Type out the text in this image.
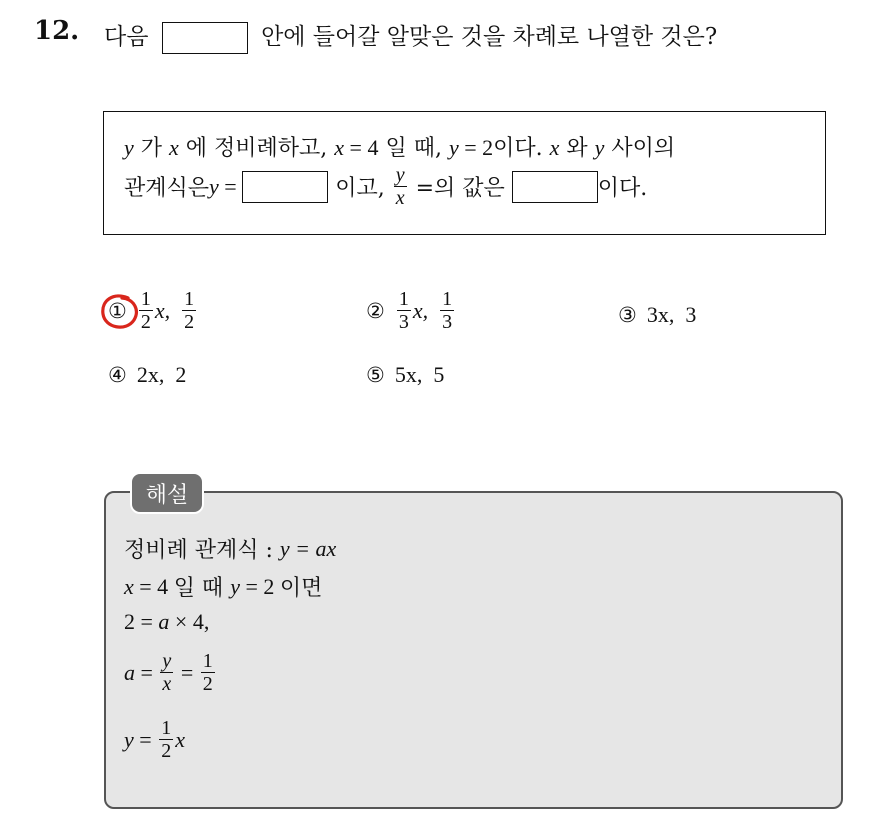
12. 다음	안에 들어갈 알맞은 것을 차례로 나열한 것은?
y 가 x 에 정비례하고, x = 4 일 때, y = 2이다. x 와 y 사이의
관계식은 y =	이고, $\frac{y}{x}$ =의 값은	이다.
① $\frac{1}{2} x$, $\frac{1}{2}$	② $\frac{1}{3} x$, $\frac{1}{3}$	③ 3x,  3
④ 2x,  2	⑤ 5x,  5
해설
정비례 관계식 : y = ax
x = 4 일 때 y = 2 이면
2 = a × 4,
$a = \frac{y}{x} = \frac{1}{2}$
$y = \frac{1}{2}$ x
